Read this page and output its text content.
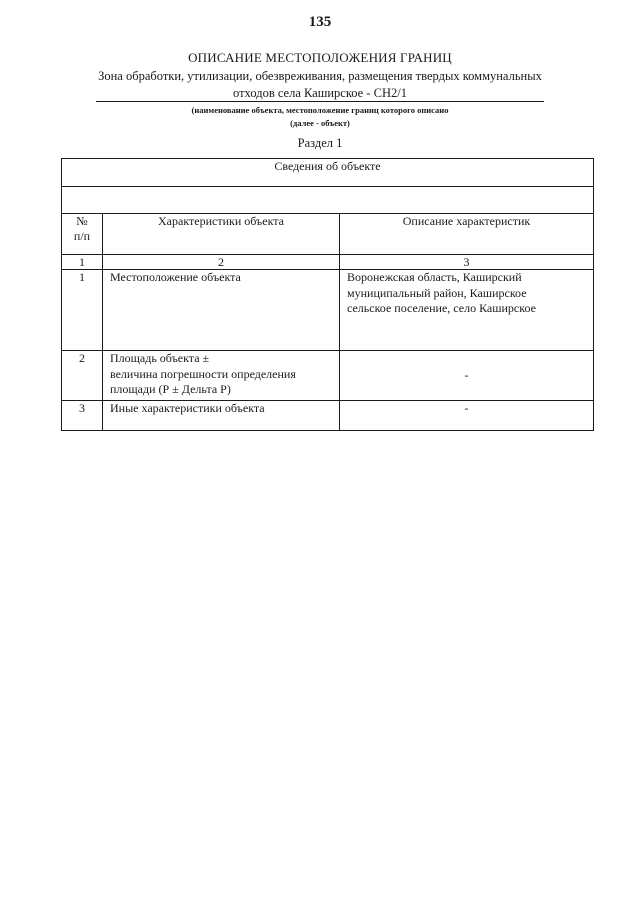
135
ОПИСАНИЕ МЕСТОПОЛОЖЕНИЯ ГРАНИЦ
Зона обработки, утилизации, обезвреживания, размещения твердых коммунальных
отходов села Каширское - СН2/1
(наименование объекта, местоположение границ которого описано
(далее - объект)
Раздел 1
Сведения об объекте		

№
п/п	Характеристики объекта	Описание характеристик
1	2	3
1	Местоположение объекта	Воронежская область, Каширский
муниципальный район, Каширское
сельское поселение, село Каширское

2	Площадь объекта ±
величина погрешности определения
площади (Р ± Дельта Р)	-
3	Иные характеристики объекта	-
